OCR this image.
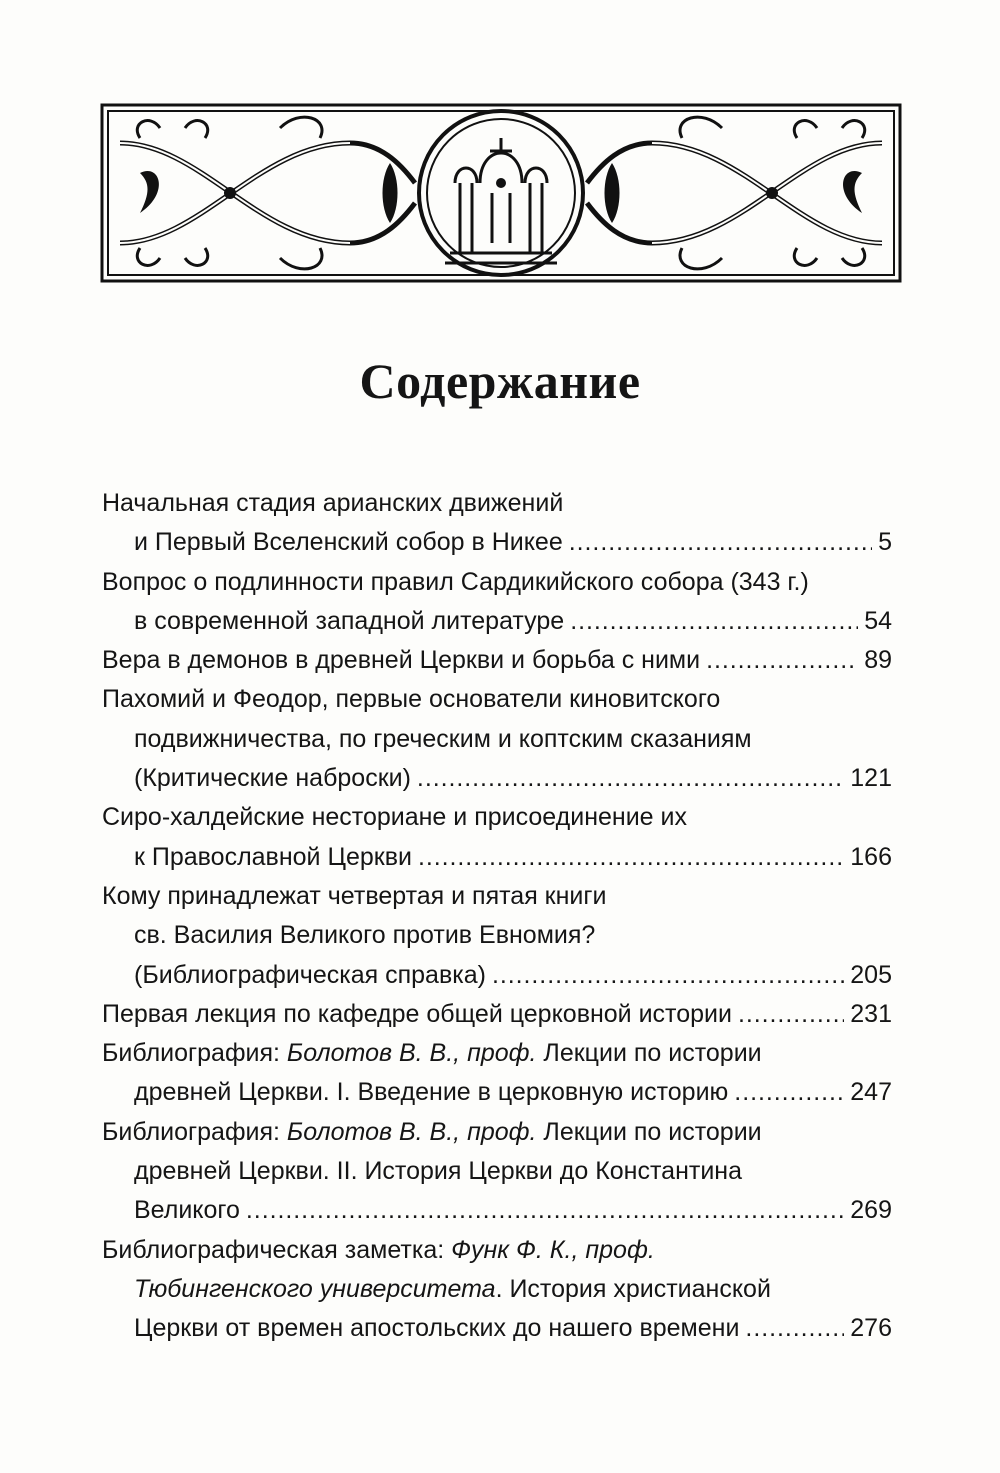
Содержание
Начальная стадия арианских движений
и Первый Вселенский собор в Никее . . .	5
Вопрос о подлинности правил Сардикийского собора (343 г.)
в современной западной литературе . . .	54
Вера в демонов в древней Церкви и борьба с ними . . .	89
Пахомий и Феодор, первые основатели киновитского
подвижничества, по греческим и коптским сказаниям
(Критические наброски) . . .	121
Сиро-халдейские несториане и присоединение их
к Православной Церкви . . .	166
Кому принадлежат четвертая и пятая книги
св. Василия Великого против Евномия?
(Библиографическая справка) . . .	205
Первая лекция по кафедре общей церковной истории . . .	231
Библиография: Болотов В. В., проф. Лекции по истории
древней Церкви. I. Введение в церковную историю . . .	247
Библиография: Болотов В. В., проф. Лекции по истории
древней Церкви. II. История Церкви до Константина
Великого . . .	269
Библиографическая заметка: Функ Ф. К., проф.
Тюбингенского университета. История христианской
Церкви от времен апостольских до нашего времени . . .	276
